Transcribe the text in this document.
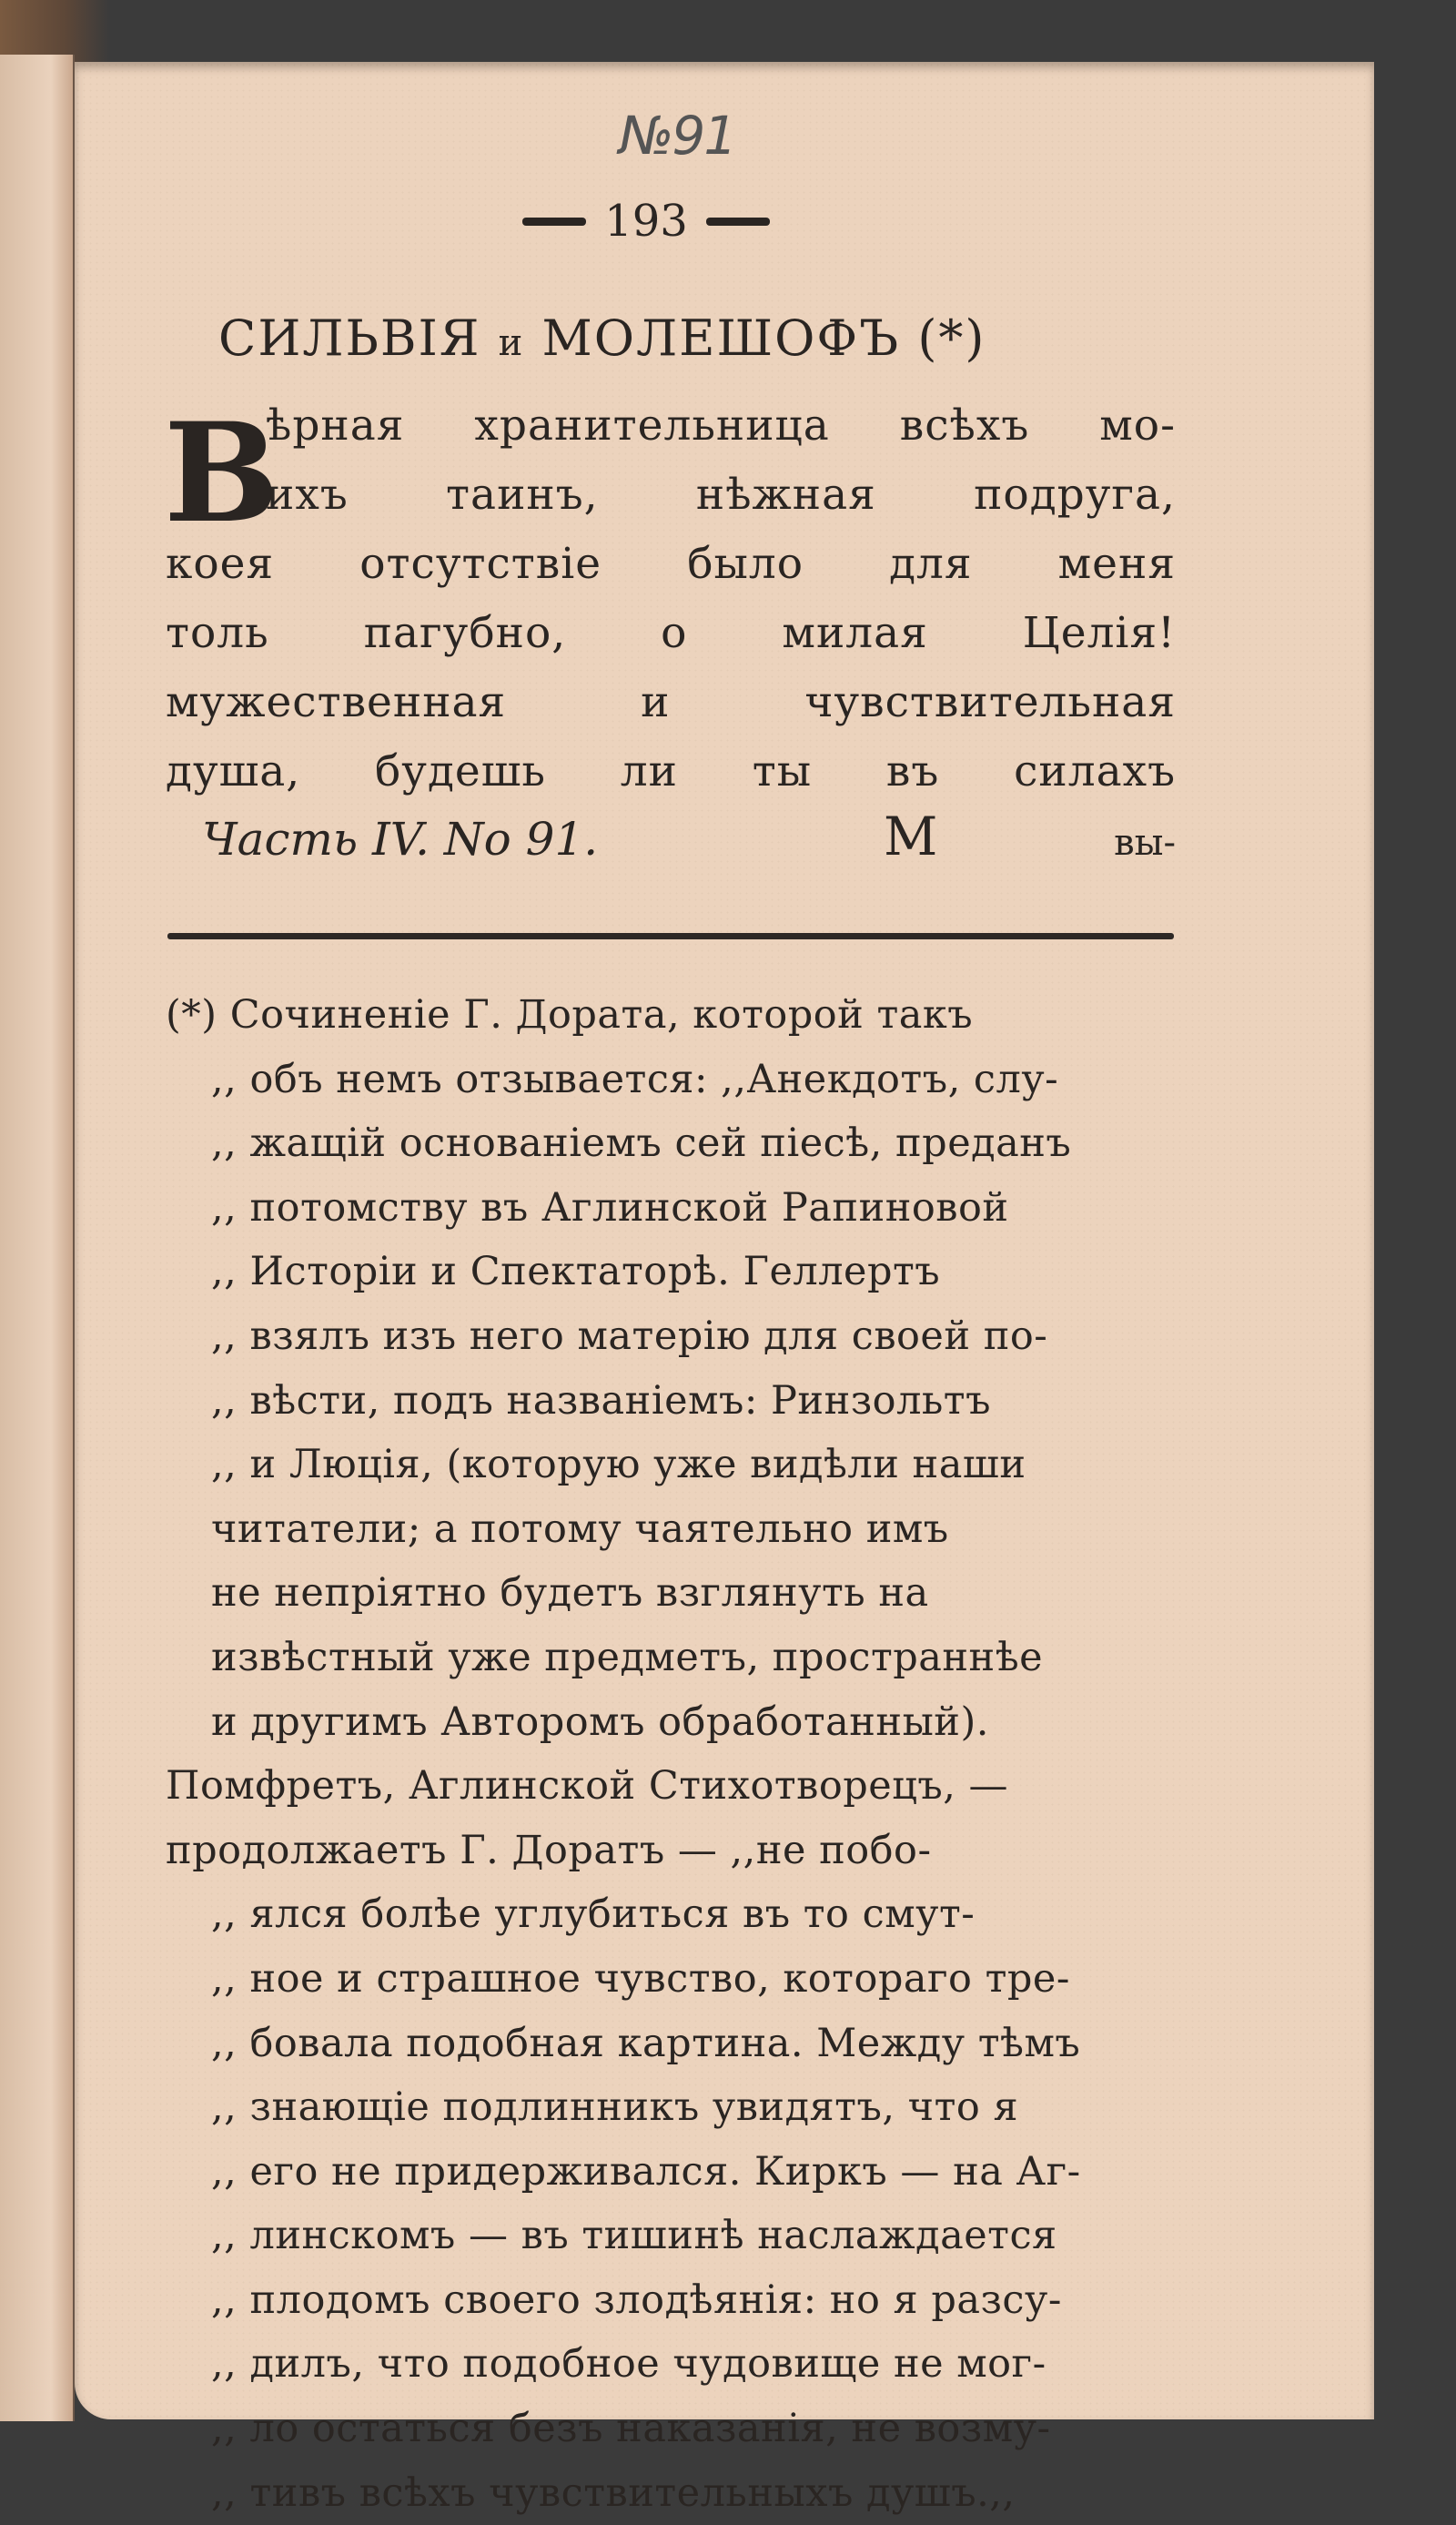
№91
193
СИЛЬВІЯ и МОЛЕШОФЪ (*)
В
ѣрная хранительница всѣхъ мо-
ихъ таинъ, нѣжная подруга,
коея отсутствіе было для меня
толь пагубно, о милая Целія!
мужественная	и	чувствительная
душа, будешь ли ты въ силахъ
Часть IV. No 91.	M	вы-
(*) Сочиненіе Г. Дората, которой такъ
,, объ немъ отзывается: ,,Анекдотъ, слу-
,, жащій основаніемъ сей піесѣ, преданъ
,, потомству въ Аглинской Рапиновой
,, Исторіи и Спектаторѣ. Геллертъ
,, взялъ изъ него матерію для своей по-
,, вѣсти, подъ названіемъ: Ринзольтъ
,, и Люція, (которую уже видѣли наши
читатели; а потому чаятельно имъ
не непріятно будетъ взглянуть на
извѣстный уже предметъ, пространнѣе
и другимъ Авторомъ обработанный).
Помфретъ, Аглинской Стихотворецъ, —
продолжаетъ Г. Доратъ — ,,не побо-
,, ялся болѣе углубиться въ то смут-
,, ное и страшное чувство, котораго тре-
,, бовала подобная картина. Между тѣмъ
,, знающіе подлинникъ увидятъ, что я
,, его не придерживался. Киркъ — на Аг-
,, линскомъ — въ тишинѣ наслаждается
,, плодомъ своего злодѣянія: но я разсу-
,, дилъ, что подобное чудовище не мог-
,, ло остаться безъ наказанія, не возму-
,, тивъ всѣхъ чувствительныхъ душъ.,,
